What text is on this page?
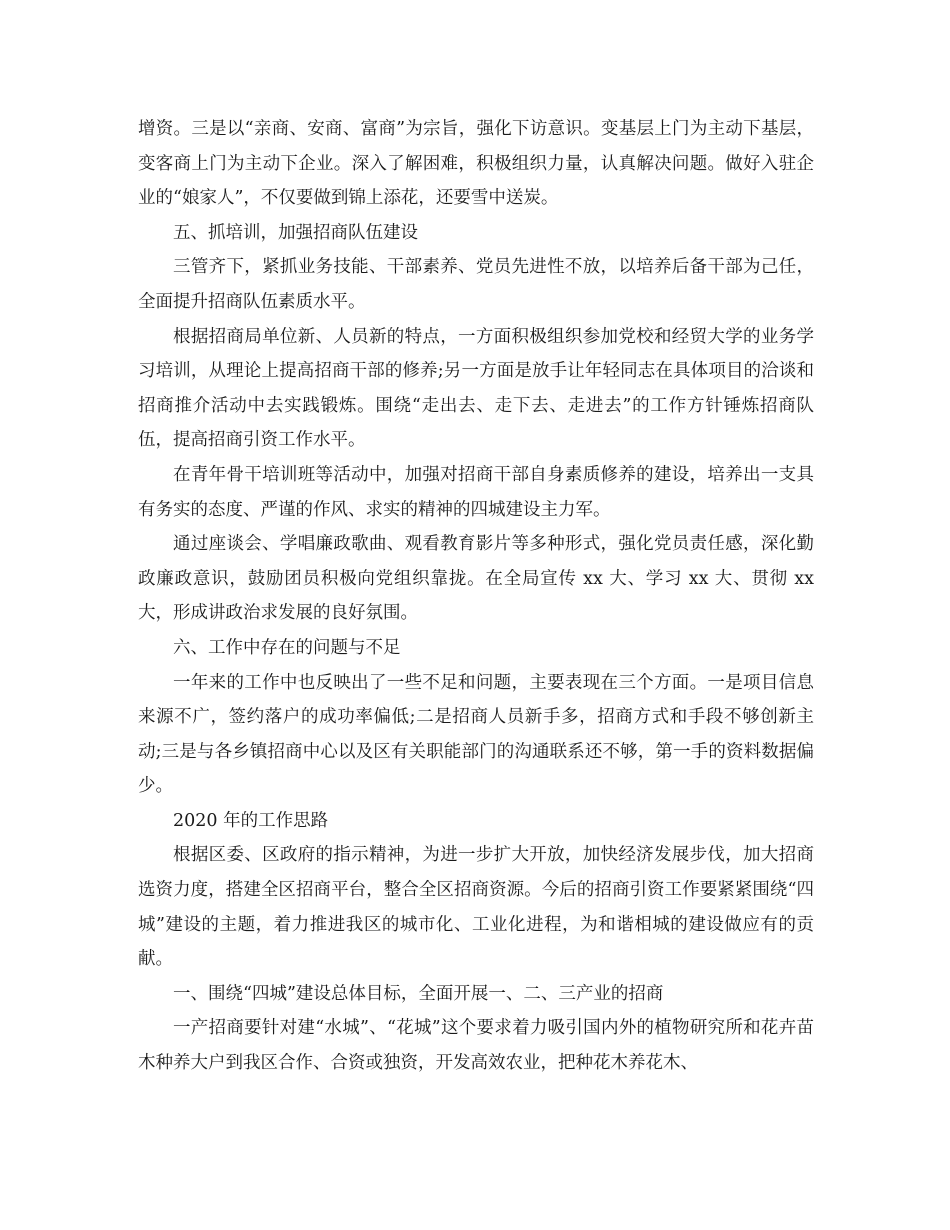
增资。三是以“亲商、安商、富商”为宗旨，强化下访意识。变基层上门为主动下基层，变客商上门为主动下企业。深入了解困难，积极组织力量，认真解决问题。做好入驻企业的“娘家人”，不仅要做到锦上添花，还要雪中送炭。

五、抓培训，加强招商队伍建设

三管齐下，紧抓业务技能、干部素养、党员先进性不放，以培养后备干部为己任，全面提升招商队伍素质水平。

根据招商局单位新、人员新的特点，一方面积极组织参加党校和经贸大学的业务学习培训，从理论上提高招商干部的修养;另一方面是放手让年轻同志在具体项目的洽谈和招商推介活动中去实践锻炼。围绕“走出去、走下去、走进去”的工作方针锤炼招商队伍，提高招商引资工作水平。

在青年骨干培训班等活动中，加强对招商干部自身素质修养的建设，培养出一支具有务实的态度、严谨的作风、求实的精神的四城建设主力军。

通过座谈会、学唱廉政歌曲、观看教育影片等多种形式，强化党员责任感，深化勤政廉政意识，鼓励团员积极向党组织靠拢。在全局宣传 xx 大、学习 xx 大、贯彻 xx 大，形成讲政治求发展的良好氛围。

六、工作中存在的问题与不足

一年来的工作中也反映出了一些不足和问题，主要表现在三个方面。一是项目信息来源不广，签约落户的成功率偏低;二是招商人员新手多，招商方式和手段不够创新主动;三是与各乡镇招商中心以及区有关职能部门的沟通联系还不够，第一手的资料数据偏少。

2020 年的工作思路

根据区委、区政府的指示精神，为进一步扩大开放，加快经济发展步伐，加大招商选资力度，搭建全区招商平台，整合全区招商资源。今后的招商引资工作要紧紧围绕“四城”建设的主题，着力推进我区的城市化、工业化进程，为和谐相城的建设做应有的贡献。

一、围绕“四城”建设总体目标，全面开展一、二、三产业的招商

一产招商要针对建“水城”、“花城”这个要求着力吸引国内外的植物研究所和花卉苗木种养大户到我区合作、合资或独资，开发高效农业，把种花木养花木、
